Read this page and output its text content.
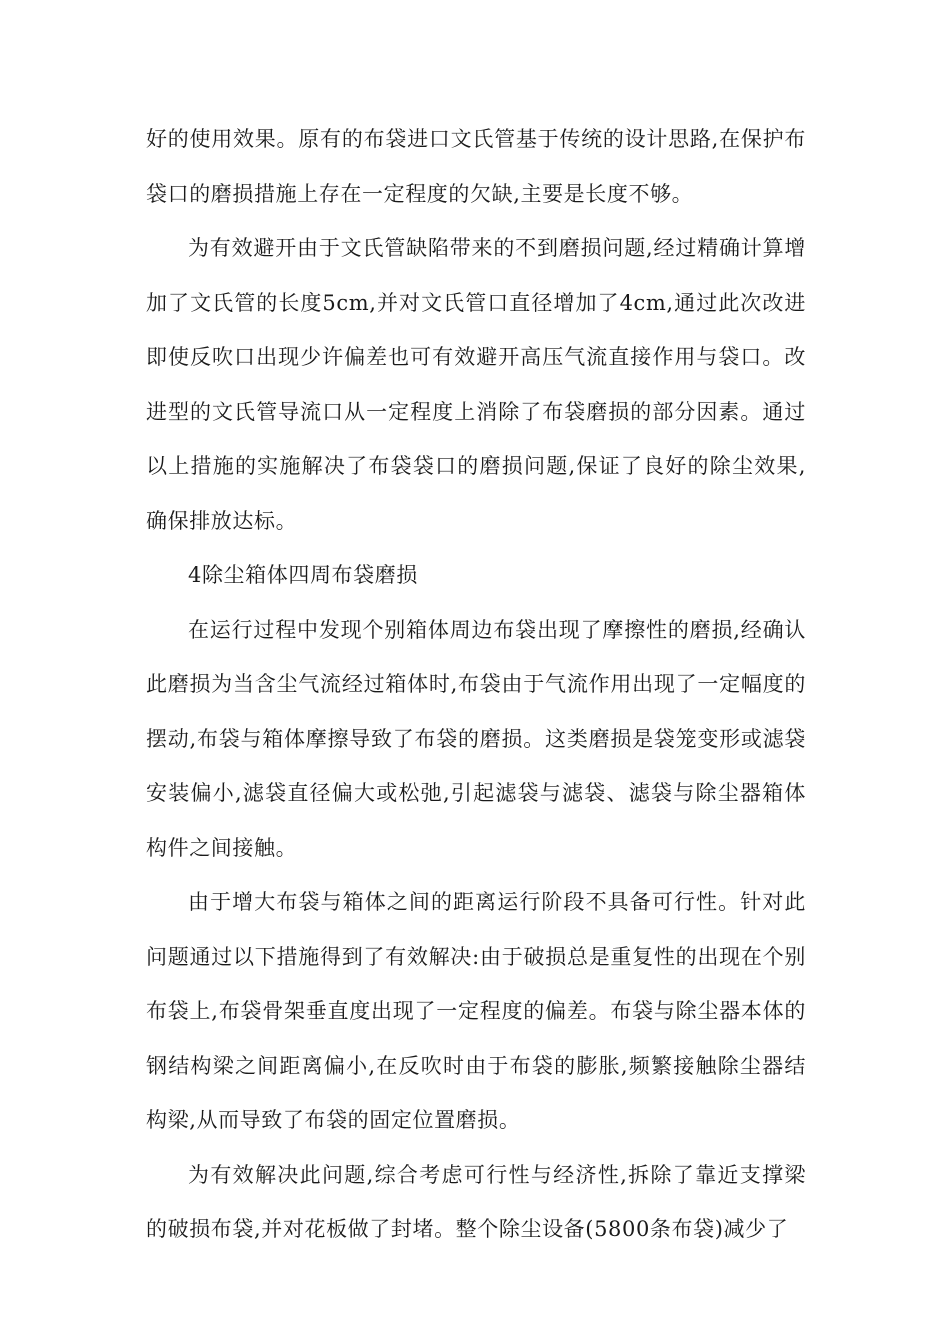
好的使用效果。原有的布袋进口文氏管基于传统的设计思路,在保护布袋口的磨损措施上存在一定程度的欠缺,主要是长度不够。

为有效避开由于文氏管缺陷带来的不到磨损问题,经过精确计算增加了文氏管的长度5cm,并对文氏管口直径增加了4cm,通过此次改进即使反吹口出现少许偏差也可有效避开高压气流直接作用与袋口。改进型的文氏管导流口从一定程度上消除了布袋磨损的部分因素。通过以上措施的实施解决了布袋袋口的磨损问题,保证了良好的除尘效果,确保排放达标。

4除尘箱体四周布袋磨损

在运行过程中发现个别箱体周边布袋出现了摩擦性的磨损,经确认此磨损为当含尘气流经过箱体时,布袋由于气流作用出现了一定幅度的摆动,布袋与箱体摩擦导致了布袋的磨损。这类磨损是袋笼变形或滤袋安装偏小,滤袋直径偏大或松弛,引起滤袋与滤袋、滤袋与除尘器箱体构件之间接触。

由于增大布袋与箱体之间的距离运行阶段不具备可行性。针对此问题通过以下措施得到了有效解决:由于破损总是重复性的出现在个别布袋上,布袋骨架垂直度出现了一定程度的偏差。布袋与除尘器本体的钢结构梁之间距离偏小,在反吹时由于布袋的膨胀,频繁接触除尘器结构梁,从而导致了布袋的固定位置磨损。

为有效解决此问题,综合考虑可行性与经济性,拆除了靠近支撑梁的破损布袋,并对花板做了封堵。整个除尘设备(5800条布袋)减少了
